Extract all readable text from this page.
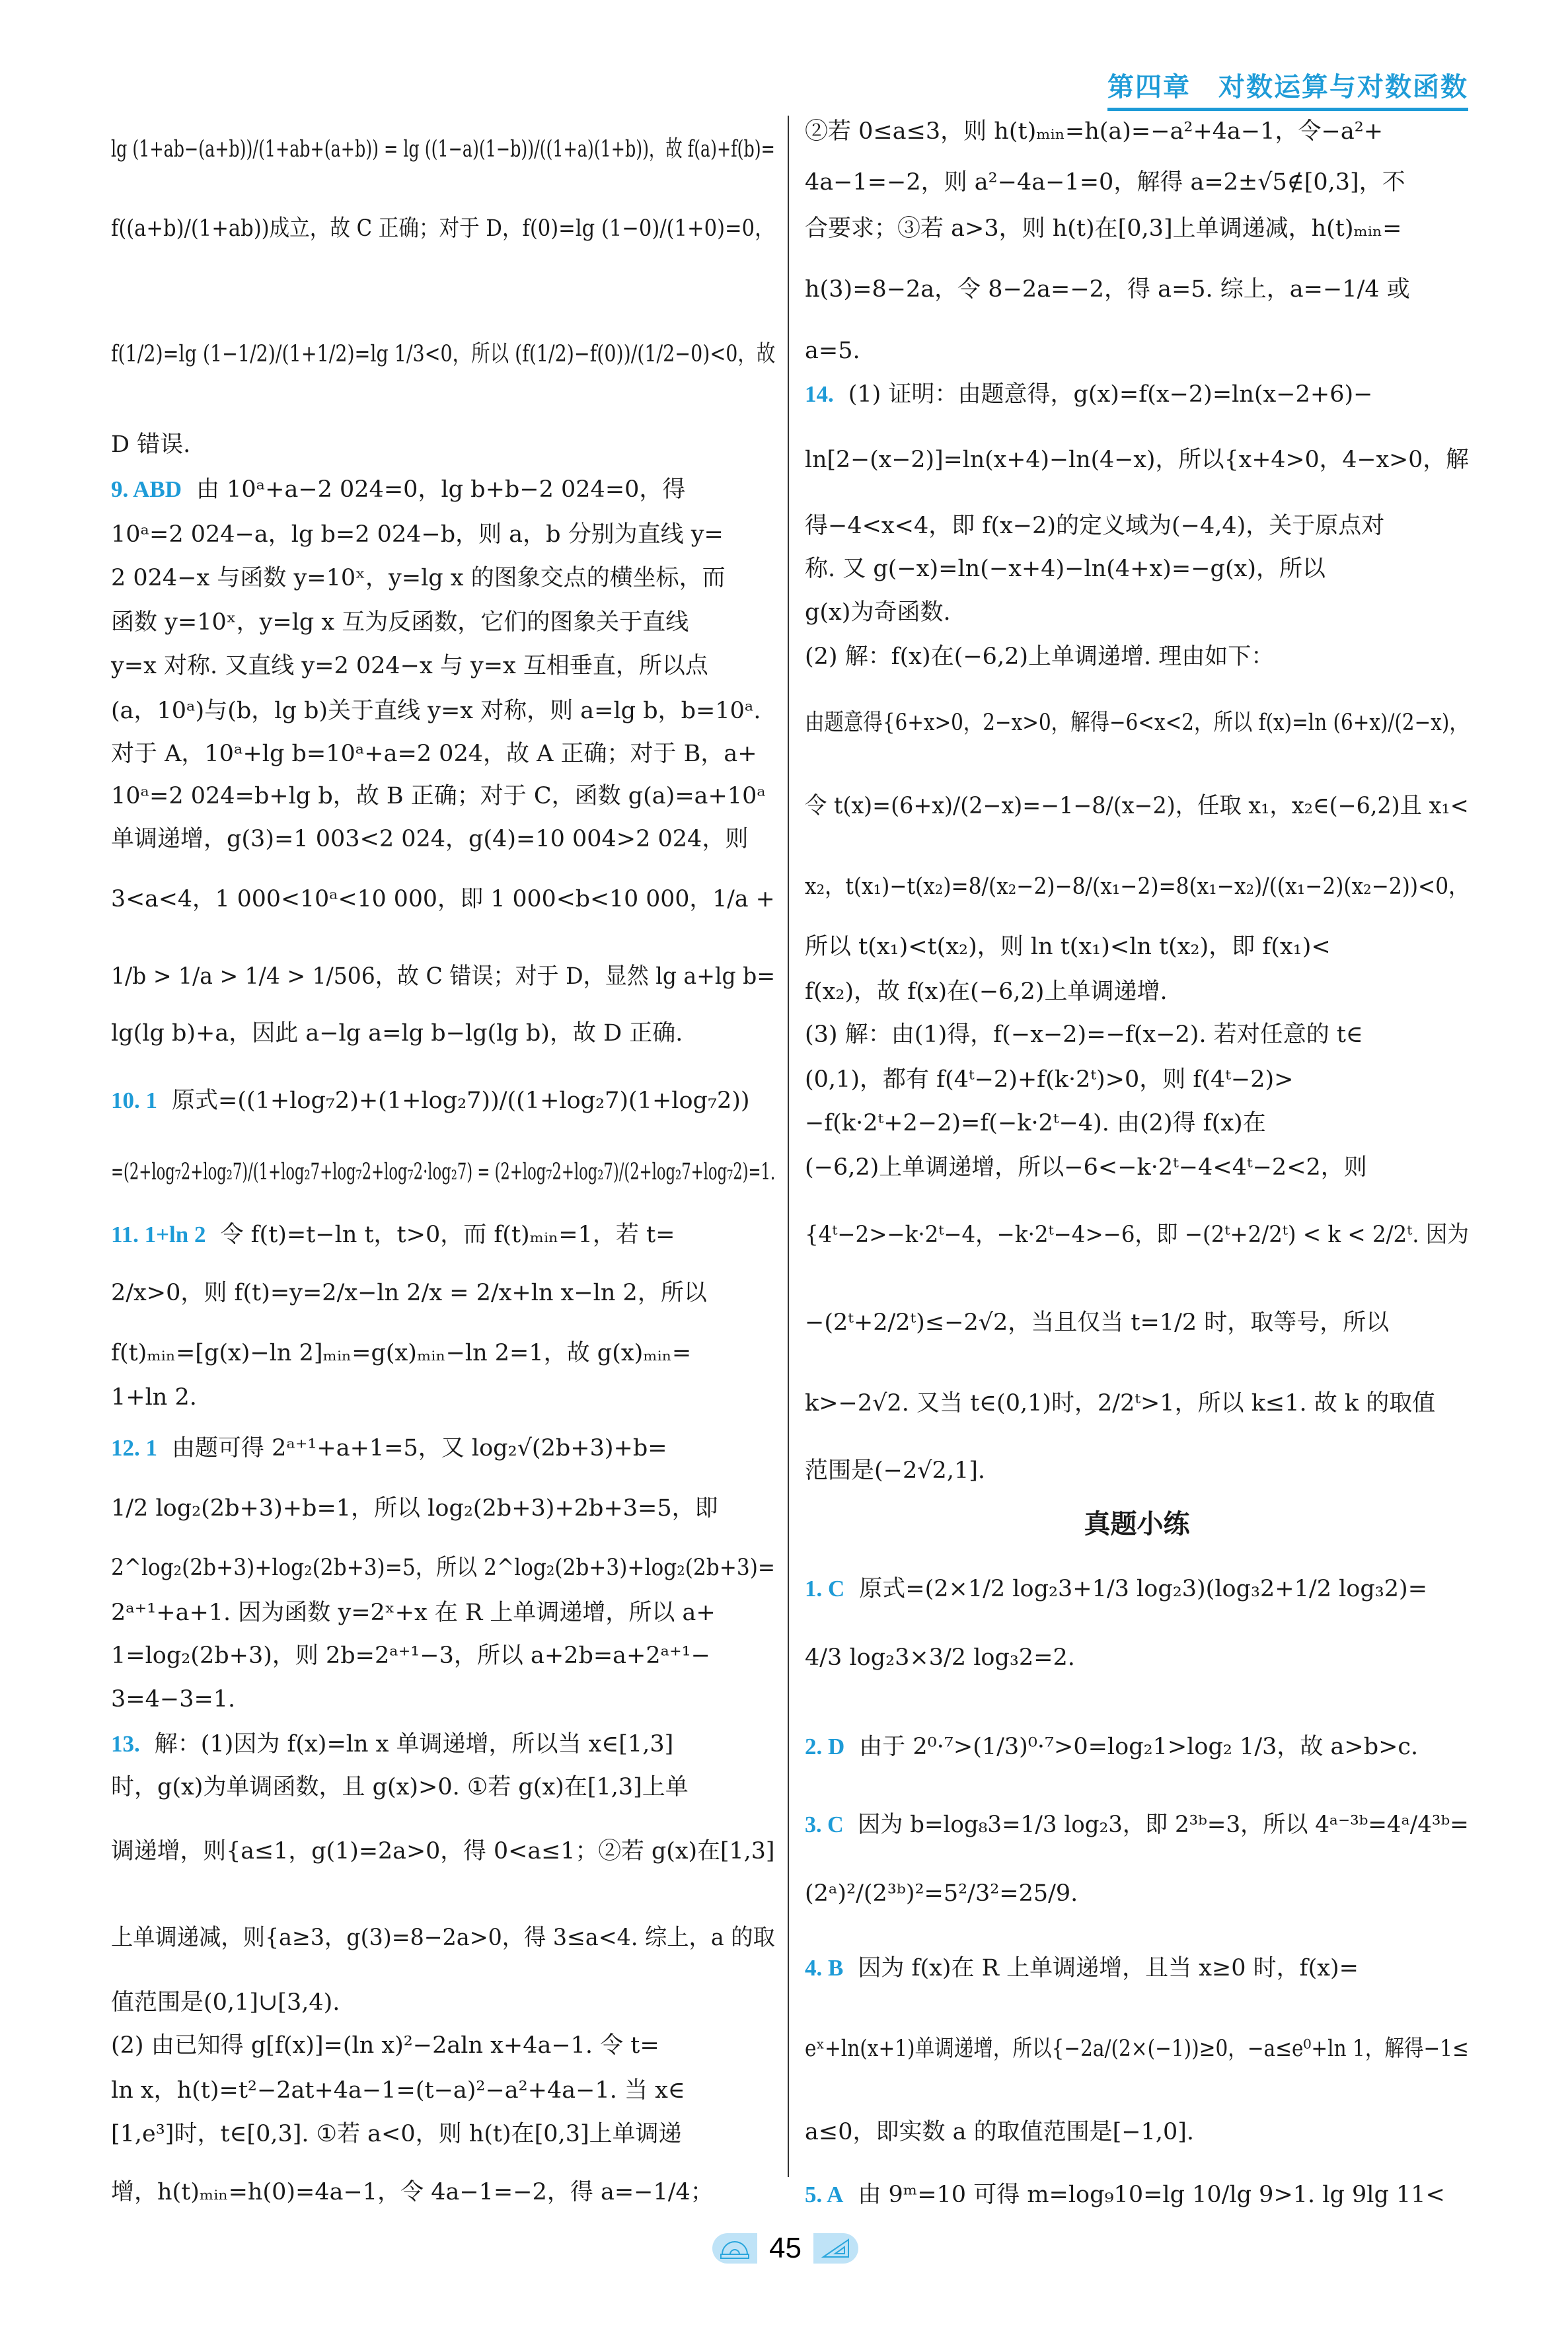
第四章　对数运算与对数函数
45
lg (1+ab−(a+b))/(1+ab+(a+b)) = lg ((1−a)(1−b))/((1+a)(1+b))，故 f(a)+f(b)=
f((a+b)/(1+ab))成立，故 C 正确；对于 D，f(0)=lg (1−0)/(1+0)=0，
f(1/2)=lg (1−1/2)/(1+1/2)=lg 1/3<0，所以 (f(1/2)−f(0))/(1/2−0)<0，故
D 错误.
9. ABD 由 10ᵃ+a−2 024=0，lg b+b−2 024=0，得
10ᵃ=2 024−a，lg b=2 024−b，则 a，b 分别为直线 y=
2 024−x 与函数 y=10ˣ，y=lg x 的图象交点的横坐标，而
函数 y=10ˣ，y=lg x 互为反函数，它们的图象关于直线
y=x 对称. 又直线 y=2 024−x 与 y=x 互相垂直，所以点
(a，10ᵃ)与(b，lg b)关于直线 y=x 对称，则 a=lg b，b=10ᵃ.
对于 A，10ᵃ+lg b=10ᵃ+a=2 024，故 A 正确；对于 B，a+
10ᵃ=2 024=b+lg b，故 B 正确；对于 C，函数 g(a)=a+10ᵃ
单调递增，g(3)=1 003<2 024，g(4)=10 004>2 024，则
3<a<4，1 000<10ᵃ<10 000，即 1 000<b<10 000，1/a +
1/b > 1/a > 1/4 > 1/506，故 C 错误；对于 D，显然 lg a+lg b=
lg(lg b)+a，因此 a−lg a=lg b−lg(lg b)，故 D 正确.
10. 1 原式=((1+log₇2)+(1+log₂7))/((1+log₂7)(1+log₇2))
=(2+log₇2+log₂7)/(1+log₂7+log₇2+log₇2·log₂7) = (2+log₇2+log₂7)/(2+log₂7+log₇2)=1.
11. 1+ln 2 令 f(t)=t−ln t，t>0，而 f(t)ₘᵢₙ=1，若 t=
2/x>0，则 f(t)=y=2/x−ln 2/x = 2/x+ln x−ln 2，所以
f(t)ₘᵢₙ=[g(x)−ln 2]ₘᵢₙ=g(x)ₘᵢₙ−ln 2=1，故 g(x)ₘᵢₙ=
1+ln 2.
12. 1 由题可得 2ᵃ⁺¹+a+1=5，又 log₂√(2b+3)+b=
1/2 log₂(2b+3)+b=1，所以 log₂(2b+3)+2b+3=5，即
2^log₂(2b+3)+log₂(2b+3)=5，所以 2^log₂(2b+3)+log₂(2b+3)=
2ᵃ⁺¹+a+1. 因为函数 y=2ˣ+x 在 R 上单调递增，所以 a+
1=log₂(2b+3)，则 2b=2ᵃ⁺¹−3，所以 a+2b=a+2ᵃ⁺¹−
3=4−3=1.
13. 解：(1)因为 f(x)=ln x 单调递增，所以当 x∈[1,3]
时，g(x)为单调函数，且 g(x)>0. ①若 g(x)在[1,3]上单
调递增，则{a≤1，g(1)=2a>0，得 0<a≤1；②若 g(x)在[1,3]
上单调递减，则{a≥3，g(3)=8−2a>0，得 3≤a<4. 综上，a 的取
值范围是(0,1]∪[3,4).
(2) 由已知得 g[f(x)]=(ln x)²−2aln x+4a−1. 令 t=
ln x，h(t)=t²−2at+4a−1=(t−a)²−a²+4a−1. 当 x∈
[1,e³]时，t∈[0,3]. ①若 a<0，则 h(t)在[0,3]上单调递
增，h(t)ₘᵢₙ=h(0)=4a−1，令 4a−1=−2，得 a=−1/4；
②若 0≤a≤3，则 h(t)ₘᵢₙ=h(a)=−a²+4a−1，令−a²+
4a−1=−2，则 a²−4a−1=0，解得 a=2±√5∉[0,3]，不
合要求；③若 a>3，则 h(t)在[0,3]上单调递减，h(t)ₘᵢₙ=
h(3)=8−2a，令 8−2a=−2，得 a=5. 综上，a=−1/4 或
a=5.
14. (1) 证明：由题意得，g(x)=f(x−2)=ln(x−2+6)−
ln[2−(x−2)]=ln(x+4)−ln(4−x)，所以{x+4>0，4−x>0，解
得−4<x<4，即 f(x−2)的定义域为(−4,4)，关于原点对
称. 又 g(−x)=ln(−x+4)−ln(4+x)=−g(x)，所以
g(x)为奇函数.
(2) 解：f(x)在(−6,2)上单调递增. 理由如下：
由题意得{6+x>0，2−x>0，解得−6<x<2，所以 f(x)=ln (6+x)/(2−x)，
令 t(x)=(6+x)/(2−x)=−1−8/(x−2)，任取 x₁，x₂∈(−6,2)且 x₁<
x₂，t(x₁)−t(x₂)=8/(x₂−2)−8/(x₁−2)=8(x₁−x₂)/((x₁−2)(x₂−2))<0，
所以 t(x₁)<t(x₂)，则 ln t(x₁)<ln t(x₂)，即 f(x₁)<
f(x₂)，故 f(x)在(−6,2)上单调递增.
(3) 解：由(1)得，f(−x−2)=−f(x−2). 若对任意的 t∈
(0,1)，都有 f(4ᵗ−2)+f(k·2ᵗ)>0，则 f(4ᵗ−2)>
−f(k·2ᵗ+2−2)=f(−k·2ᵗ−4). 由(2)得 f(x)在
(−6,2)上单调递增，所以−6<−k·2ᵗ−4<4ᵗ−2<2，则
{4ᵗ−2>−k·2ᵗ−4，−k·2ᵗ−4>−6，即 −(2ᵗ+2/2ᵗ) < k < 2/2ᵗ. 因为
−(2ᵗ+2/2ᵗ)≤−2√2，当且仅当 t=1/2 时，取等号，所以
k>−2√2. 又当 t∈(0,1)时，2/2ᵗ>1，所以 k≤1. 故 k 的取值
范围是(−2√2,1].
真题小练
1. C 原式=(2×1/2 log₂3+1/3 log₂3)(log₃2+1/2 log₃2)=
4/3 log₂3×3/2 log₃2=2.
2. D 由于 2⁰·⁷>(1/3)⁰·⁷>0=log₂1>log₂ 1/3，故 a>b>c.
3. C 因为 b=log₈3=1/3 log₂3，即 2³ᵇ=3，所以 4ᵃ⁻³ᵇ=4ᵃ/4³ᵇ=
(2ᵃ)²/(2³ᵇ)²=5²/3²=25/9.
4. B 因为 f(x)在 R 上单调递增，且当 x≥0 时，f(x)=
eˣ+ln(x+1)单调递增，所以{−2a/(2×(−1))≥0，−a≤e⁰+ln 1，解得−1≤
a≤0，即实数 a 的取值范围是[−1,0].
5. A 由 9ᵐ=10 可得 m=log₉10=lg 10/lg 9>1. lg 9lg 11<
